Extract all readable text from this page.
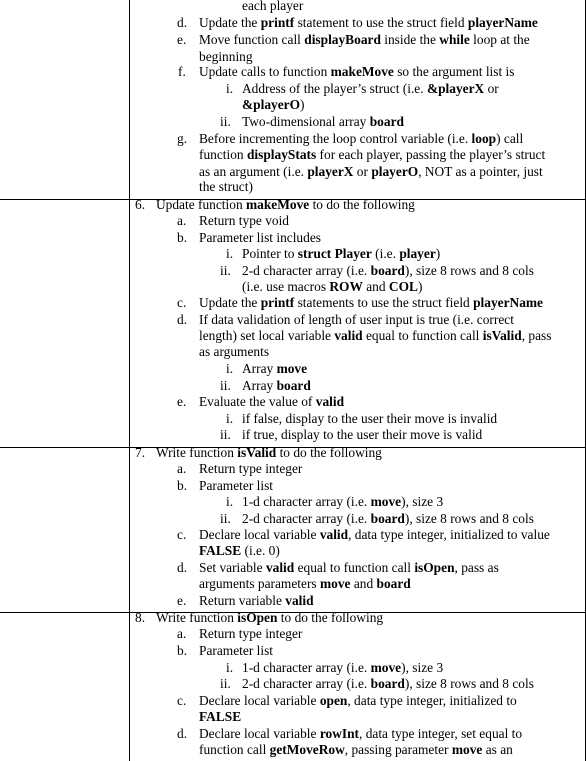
each player
d. Update the printf statement to use the struct field playerName
e. Move function call displayBoard inside the while loop at the
beginning
f. Update calls to function makeMove so the argument list is
i. Address of the player’s struct (i.e. &playerX or
&playerO)
ii. Two-dimensional array board
g. Before incrementing the loop control variable (i.e. loop) call
function displayStats for each player, passing the player’s struct
as an argument (i.e. playerX or playerO, NOT as a pointer, just
the struct)
6. Update function makeMove to do the following
a. Return type void
b. Parameter list includes
i. Pointer to struct Player (i.e. player)
ii. 2-d character array (i.e. board), size 8 rows and 8 cols
(i.e. use macros ROW and COL)
c. Update the printf statements to use the struct field playerName
d. If data validation of length of user input is true (i.e. correct
length) set local variable valid equal to function call isValid, pass
as arguments
i. Array move
ii. Array board
e. Evaluate the value of valid
i. if false, display to the user their move is invalid
ii. if true, display to the user their move is valid
7. Write function isValid to do the following
a. Return type integer
b. Parameter list
i. 1-d character array (i.e. move), size 3
ii. 2-d character array (i.e. board), size 8 rows and 8 cols
c. Declare local variable valid, data type integer, initialized to value
FALSE (i.e. 0)
d. Set variable valid equal to function call isOpen, pass as
arguments parameters move and board
e. Return variable valid
8. Write function isOpen to do the following
a. Return type integer
b. Parameter list
i. 1-d character array (i.e. move), size 3
ii. 2-d character array (i.e. board), size 8 rows and 8 cols
c. Declare local variable open, data type integer, initialized to
FALSE
d. Declare local variable rowInt, data type integer, set equal to
function call getMoveRow, passing parameter move as an
